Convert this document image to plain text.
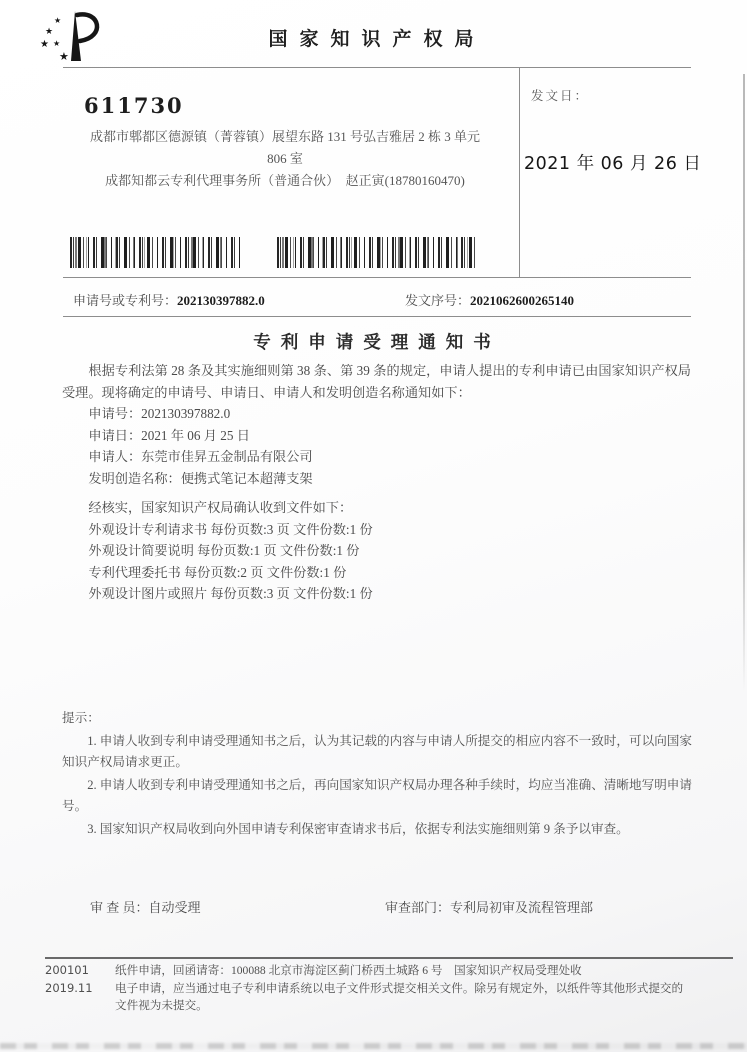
★
★
★ ★
★
国家知识产权局
611730
成都市郫都区德源镇（菁蓉镇）展望东路 131 号弘吉雅居 2 栋 3 单元
806 室
成都知都云专利代理事务所（普通合伙）　赵正寅(18780160470)
发文日：
2021 年 06 月 26 日
申请号或专利号：202130397882.0	发文序号：2021062600265140
专利申请受理通知书

根据专利法第 28 条及其实施细则第 38 条、第 39 条的规定，申请人提出的专利申请已由国家知识产权局受理。现将确定的申请号、申请日、申请人和发明创造名称通知如下：

申请号：202130397882.0
申请日：2021 年 06 月 25 日
申请人：东莞市佳昇五金制品有限公司
发明创造名称：便携式笔记本超薄支架
经核实，国家知识产权局确认收到文件如下：
外观设计专利请求书 每份页数:3 页 文件份数:1 份
外观设计简要说明 每份页数:1 页 文件份数:1 份
专利代理委托书 每份页数:2 页 文件份数:1 份
外观设计图片或照片 每份页数:3 页 文件份数:1 份
提示：
1. 申请人收到专利申请受理通知书之后，认为其记载的内容与申请人所提交的相应内容不一致时，可以向国家知识产权局请求更正。
2. 申请人收到专利申请受理通知书之后，再向国家知识产权局办理各种手续时，均应当准确、清晰地写明申请号。
3. 国家知识产权局收到向外国申请专利保密审查请求书后，依据专利法实施细则第 9 条予以审查。
审 查 员：自动受理	审查部门：专利局初审及流程管理部
200101
2019.11
纸件申请，回函请寄：100088 北京市海淀区蓟门桥西土城路 6 号　国家知识产权局受理处收
电子申请，应当通过电子专利申请系统以电子文件形式提交相关文件。除另有规定外，以纸件等其他形式提交的
文件视为未提交。
